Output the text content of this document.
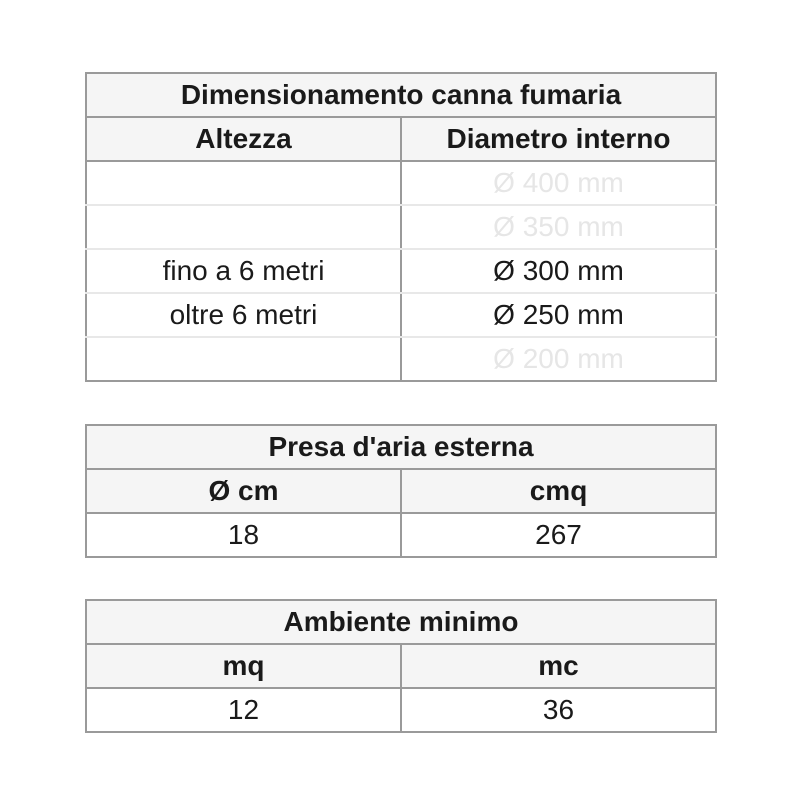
Dimensionamento canna fumaria	
Altezza	Diametro interno
	Ø 400 mm
	Ø 350 mm
fino a 6 metri	Ø 300 mm
oltre 6 metri	Ø 250 mm
	Ø 200 mm
Presa d'aria esterna	
Ø cm	cmq
18	267
Ambiente minimo	
mq	mc
12	36
